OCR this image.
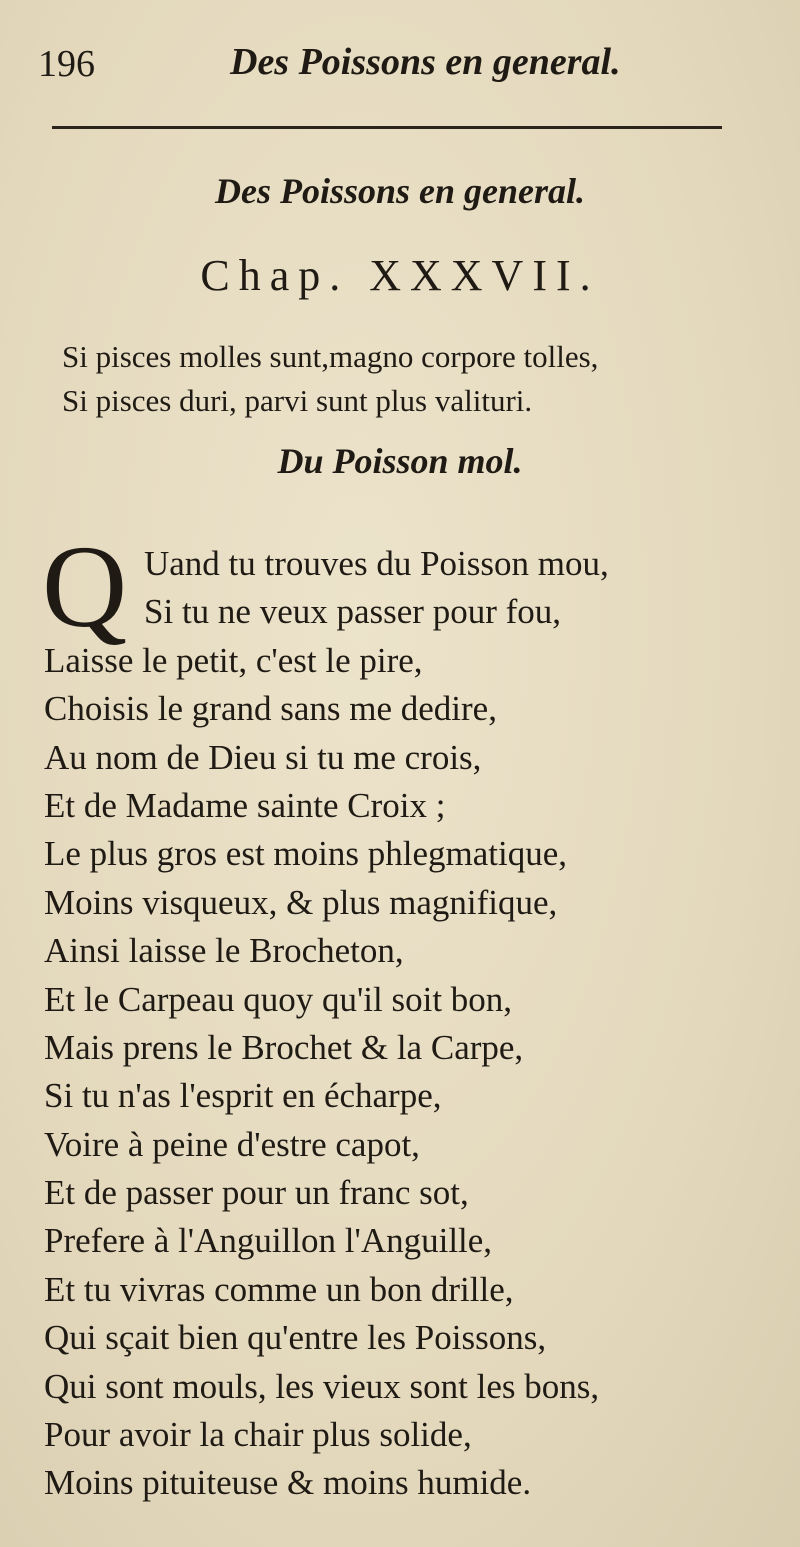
196	Des Poissons en general.
Des Poissons en general.
Chap. XXXVII.
Si pisces molles sunt,magno corpore tolles,
Si pisces duri, parvi sunt plus valituri.
Du Poisson mol.
Q Uand tu trouves du Poisson mou,
Si tu ne veux passer pour fou,
Laisse le petit, c'est le pire,
Choisis le grand sans me dedire,
Au nom de Dieu si tu me crois,
Et de Madame sainte Croix ;
Le plus gros est moins phlegmatique,
Moins visqueux, & plus magnifique,
Ainsi laisse le Brocheton,
Et le Carpeau quoy qu'il soit bon,
Mais prens le Brochet & la Carpe,
Si tu n'as l'esprit en écharpe,
Voire à peine d'estre capot,
Et de passer pour un franc sot,
Prefere à l'Anguillon l'Anguille,
Et tu vivras comme un bon drille,
Qui sçait bien qu'entre les Poissons,
Qui sont mouls, les vieux sont les bons,
Pour avoir la chair plus solide,
Moins pituiteuse & moins humide.
